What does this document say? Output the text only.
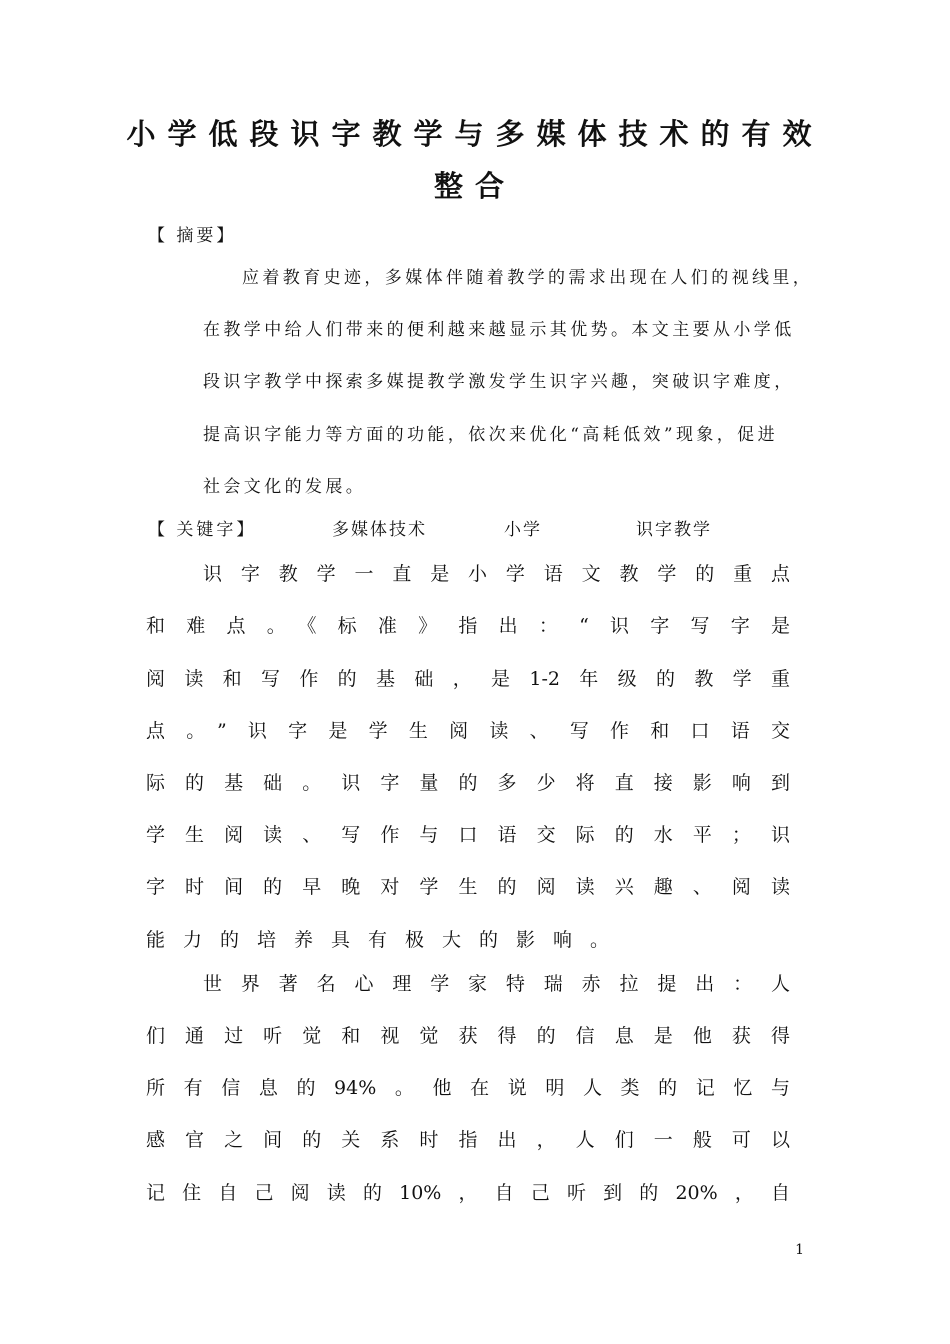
小学低段识字教学与多媒体技术的有效
整合
【 摘要】
应着教育史迹，多媒体伴随着教学的需求出现在人们的视线里，
在教学中给人们带来的便利越来越显示其优势。本文主要从小学低
段识字教学中探索多媒提教学激发学生识字兴趣，突破识字难度，
提高识字能力等方面的功能，依次来优化“高耗低效”现象，促进
社会文化的发展。
【 关键字】	多媒体技术	小学	识字教学
识字教学一直是小学语文教学的重点
和难点。《标准》指出：“识字写字是
阅读和写作的基础，是1-2年级的教学重
点。”识字是学生阅读、写作和口语交
际的基础。识字量的多少将直接影响到
学生阅读、写作与口语交际的水平；识
字时间的早晚对学生的阅读兴趣、阅读
能力的培养具有极大的影响。
世界著名心理学家特瑞赤拉提出：人
们通过听觉和视觉获得的信息是他获得
所有信息的94%。他在说明人类的记忆与
感官之间的关系时指出，人们一般可以
记住自己阅读的10%，自己听到的20%，自
1
